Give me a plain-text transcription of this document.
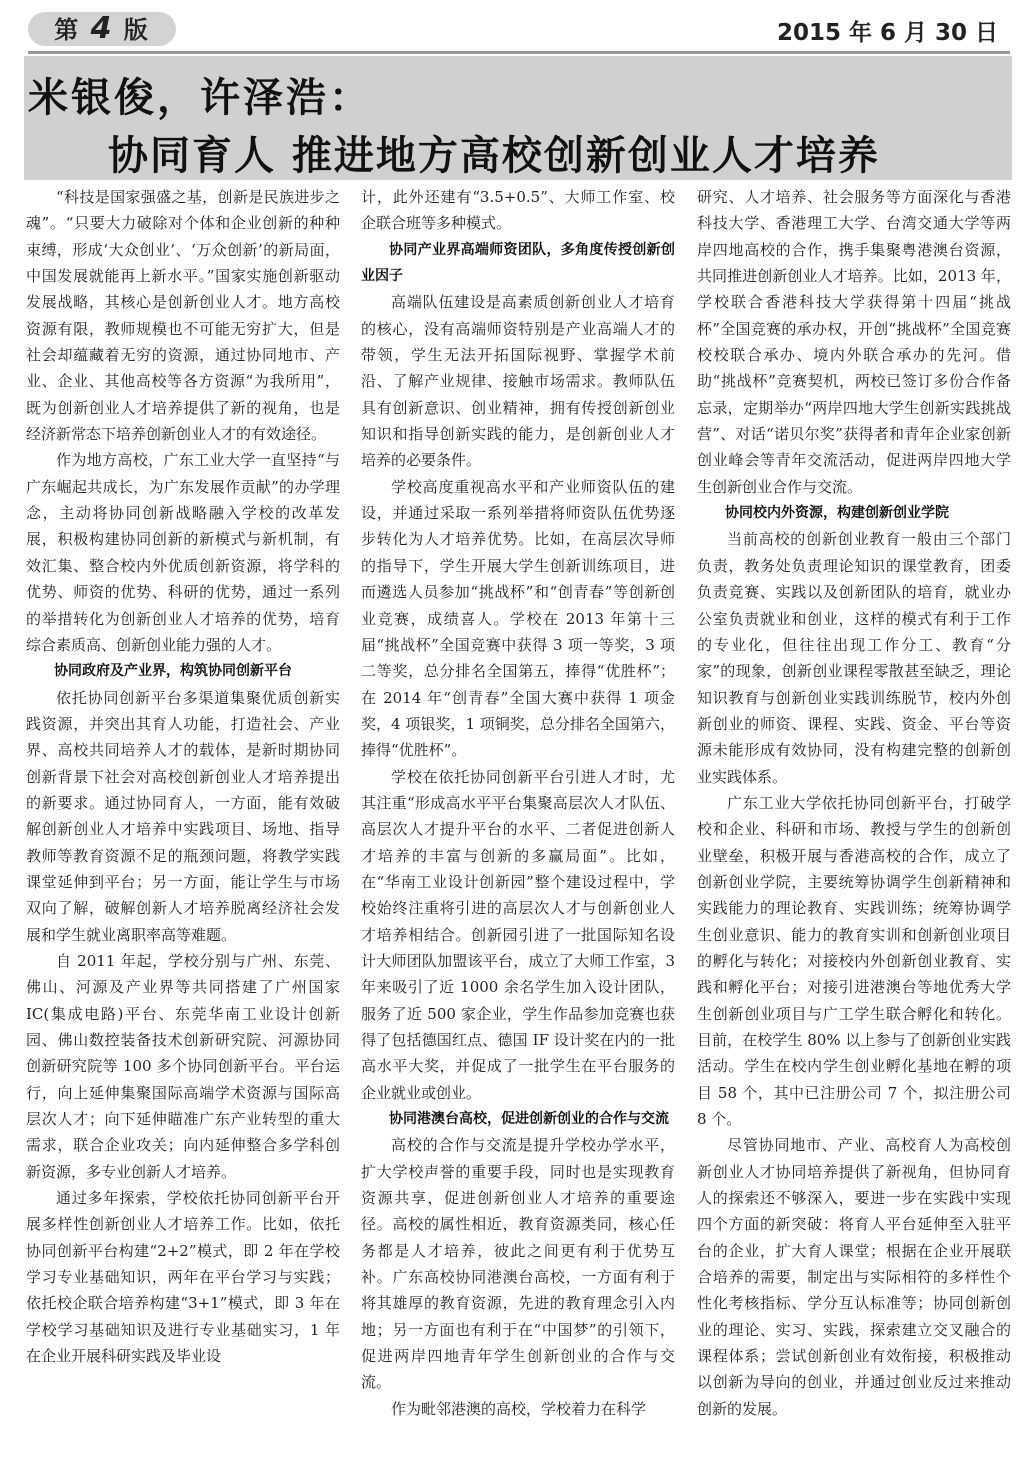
第 4 版	2015 年 6 月 30 日
米银俊，许泽浩：
协同育人 推进地方高校创新创业人才培养

“科技是国家强盛之基，创新是民族进步之魂”。“只要大力破除对个体和企业创新的种种束缚，形成‘大众创业’、‘万众创新’的新局面，中国发展就能再上新水平。”国家实施创新驱动发展战略，其核心是创新创业人才。地方高校资源有限，教师规模也不可能无穷扩大，但是社会却蕴藏着无穷的资源，通过协同地市、产业、企业、其他高校等各方资源“为我所用”，既为创新创业人才培养提供了新的视角，也是经济新常态下培养创新创业人才的有效途径。

作为地方高校，广东工业大学一直坚持“与广东崛起共成长，为广东发展作贡献”的办学理念，主动将协同创新战略融入学校的改革发展，积极构建协同创新的新模式与新机制，有效汇集、整合校内外优质创新资源，将学科的优势、师资的优势、科研的优势，通过一系列的举措转化为创新创业人才培养的优势，培育综合素质高、创新创业能力强的人才。

协同政府及产业界，构筑协同创新平台

依托协同创新平台多渠道集聚优质创新实践资源，并突出其育人功能，打造社会、产业界、高校共同培养人才的载体，是新时期协同创新背景下社会对高校创新创业人才培养提出的新要求。通过协同育人，一方面，能有效破解创新创业人才培养中实践项目、场地、指导教师等教育资源不足的瓶颈问题，将教学实践课堂延伸到平台；另一方面，能让学生与市场双向了解，破解创新人才培养脱离经济社会发展和学生就业离职率高等难题。

自 2011 年起，学校分别与广州、东莞、佛山、河源及产业界等共同搭建了广州国家 IC(集成电路)平台、东莞华南工业设计创新园、佛山数控装备技术创新研究院、河源协同创新研究院等 100 多个协同创新平台。平台运行，向上延伸集聚国际高端学术资源与国际高层次人才；向下延伸瞄准广东产业转型的重大需求，联合企业攻关；向内延伸整合多学科创新资源，多专业创新人才培养。

通过多年探索，学校依托协同创新平台开展多样性创新创业人才培养工作。比如，依托协同创新平台构建“2+2”模式，即 2 年在学校学习专业基础知识，两年在平台学习与实践；依托校企联合培养构建“3+1”模式，即 3 年在学校学习基础知识及进行专业基础实习，1 年在企业开展科研实践及毕业设

计，此外还建有“3.5+0.5”、大师工作室、校企联合班等多种模式。

协同产业界高端师资团队，多角度传授创新创业因子

高端队伍建设是高素质创新创业人才培育的核心，没有高端师资特别是产业高端人才的带领，学生无法开拓国际视野、掌握学术前沿、了解产业规律、接触市场需求。教师队伍具有创新意识、创业精神，拥有传授创新创业知识和指导创新实践的能力，是创新创业人才培养的必要条件。

学校高度重视高水平和产业师资队伍的建设，并通过采取一系列举措将师资队伍优势逐步转化为人才培养优势。比如，在高层次导师的指导下，学生开展大学生创新训练项目，进而遴选人员参加“挑战杯”和“创青春”等创新创业竞赛，成绩喜人。学校在 2013 年第十三届“挑战杯”全国竞赛中获得 3 项一等奖，3 项二等奖，总分排名全国第五，捧得“优胜杯”；在 2014 年“创青春”全国大赛中获得 1 项金奖，4 项银奖，1 项铜奖，总分排名全国第六，捧得“优胜杯”。

学校在依托协同创新平台引进人才时，尤其注重“形成高水平平台集聚高层次人才队伍、高层次人才提升平台的水平、二者促进创新人才培养的丰富与创新的多赢局面”。比如，在“华南工业设计创新园”整个建设过程中，学校始终注重将引进的高层次人才与创新创业人才培养相结合。创新园引进了一批国际知名设计大师团队加盟该平台，成立了大师工作室，3 年来吸引了近 1000 余名学生加入设计团队，服务了近 500 家企业，学生作品参加竞赛也获得了包括德国红点、德国 IF 设计奖在内的一批高水平大奖，并促成了一批学生在平台服务的企业就业或创业。

协同港澳台高校，促进创新创业的合作与交流

高校的合作与交流是提升学校办学水平，扩大学校声誉的重要手段，同时也是实现教育资源共享，促进创新创业人才培养的重要途径。高校的属性相近，教育资源类同，核心任务都是人才培养，彼此之间更有利于优势互补。广东高校协同港澳台高校，一方面有利于将其雄厚的教育资源，先进的教育理念引入内地；另一方面也有利于在“中国梦”的引领下，促进两岸四地青年学生创新创业的合作与交流。

作为毗邻港澳的高校，学校着力在科学

研究、人才培养、社会服务等方面深化与香港科技大学、香港理工大学、台湾交通大学等两岸四地高校的合作，携手集聚粤港澳台资源，共同推进创新创业人才培养。比如，2013 年，学校联合香港科技大学获得第十四届“挑战杯”全国竞赛的承办权，开创“挑战杯”全国竞赛校校联合承办、境内外联合承办的先河。借助“挑战杯”竞赛契机，两校已签订多份合作备忘录，定期举办“两岸四地大学生创新实践挑战营”、对话“诺贝尔奖”获得者和青年企业家创新创业峰会等青年交流活动，促进两岸四地大学生创新创业合作与交流。

协同校内外资源，构建创新创业学院

当前高校的创新创业教育一般由三个部门负责，教务处负责理论知识的课堂教育，团委负责竞赛、实践以及创新团队的培育，就业办公室负责就业和创业，这样的模式有利于工作的专业化，但往往出现工作分工、教育“分家”的现象，创新创业课程零散甚至缺乏，理论知识教育与创新创业实践训练脱节，校内外创新创业的师资、课程、实践、资金、平台等资源未能形成有效协同，没有构建完整的创新创业实践体系。

广东工业大学依托协同创新平台，打破学校和企业、科研和市场、教授与学生的创新创业壁垒，积极开展与香港高校的合作，成立了创新创业学院，主要统筹协调学生创新精神和实践能力的理论教育、实践训练；统筹协调学生创业意识、能力的教育实训和创新创业项目的孵化与转化；对接校内外创新创业教育、实践和孵化平台；对接引进港澳台等地优秀大学生创新创业项目与广工学生联合孵化和转化。目前，在校学生 80% 以上参与了创新创业实践活动。学生在校内学生创业孵化基地在孵的项目 58 个，其中已注册公司 7 个，拟注册公司 8 个。

尽管协同地市、产业、高校育人为高校创新创业人才协同培养提供了新视角，但协同育人的探索还不够深入，要进一步在实践中实现四个方面的新突破：将育人平台延伸至入驻平台的企业，扩大育人课堂；根据在企业开展联合培养的需要，制定出与实际相符的多样性个性化考核指标、学分互认标准等；协同创新创业的理论、实习、实践，探索建立交叉融合的课程体系；尝试创新创业有效衔接，积极推动以创新为导向的创业，并通过创业反过来推动创新的发展。
